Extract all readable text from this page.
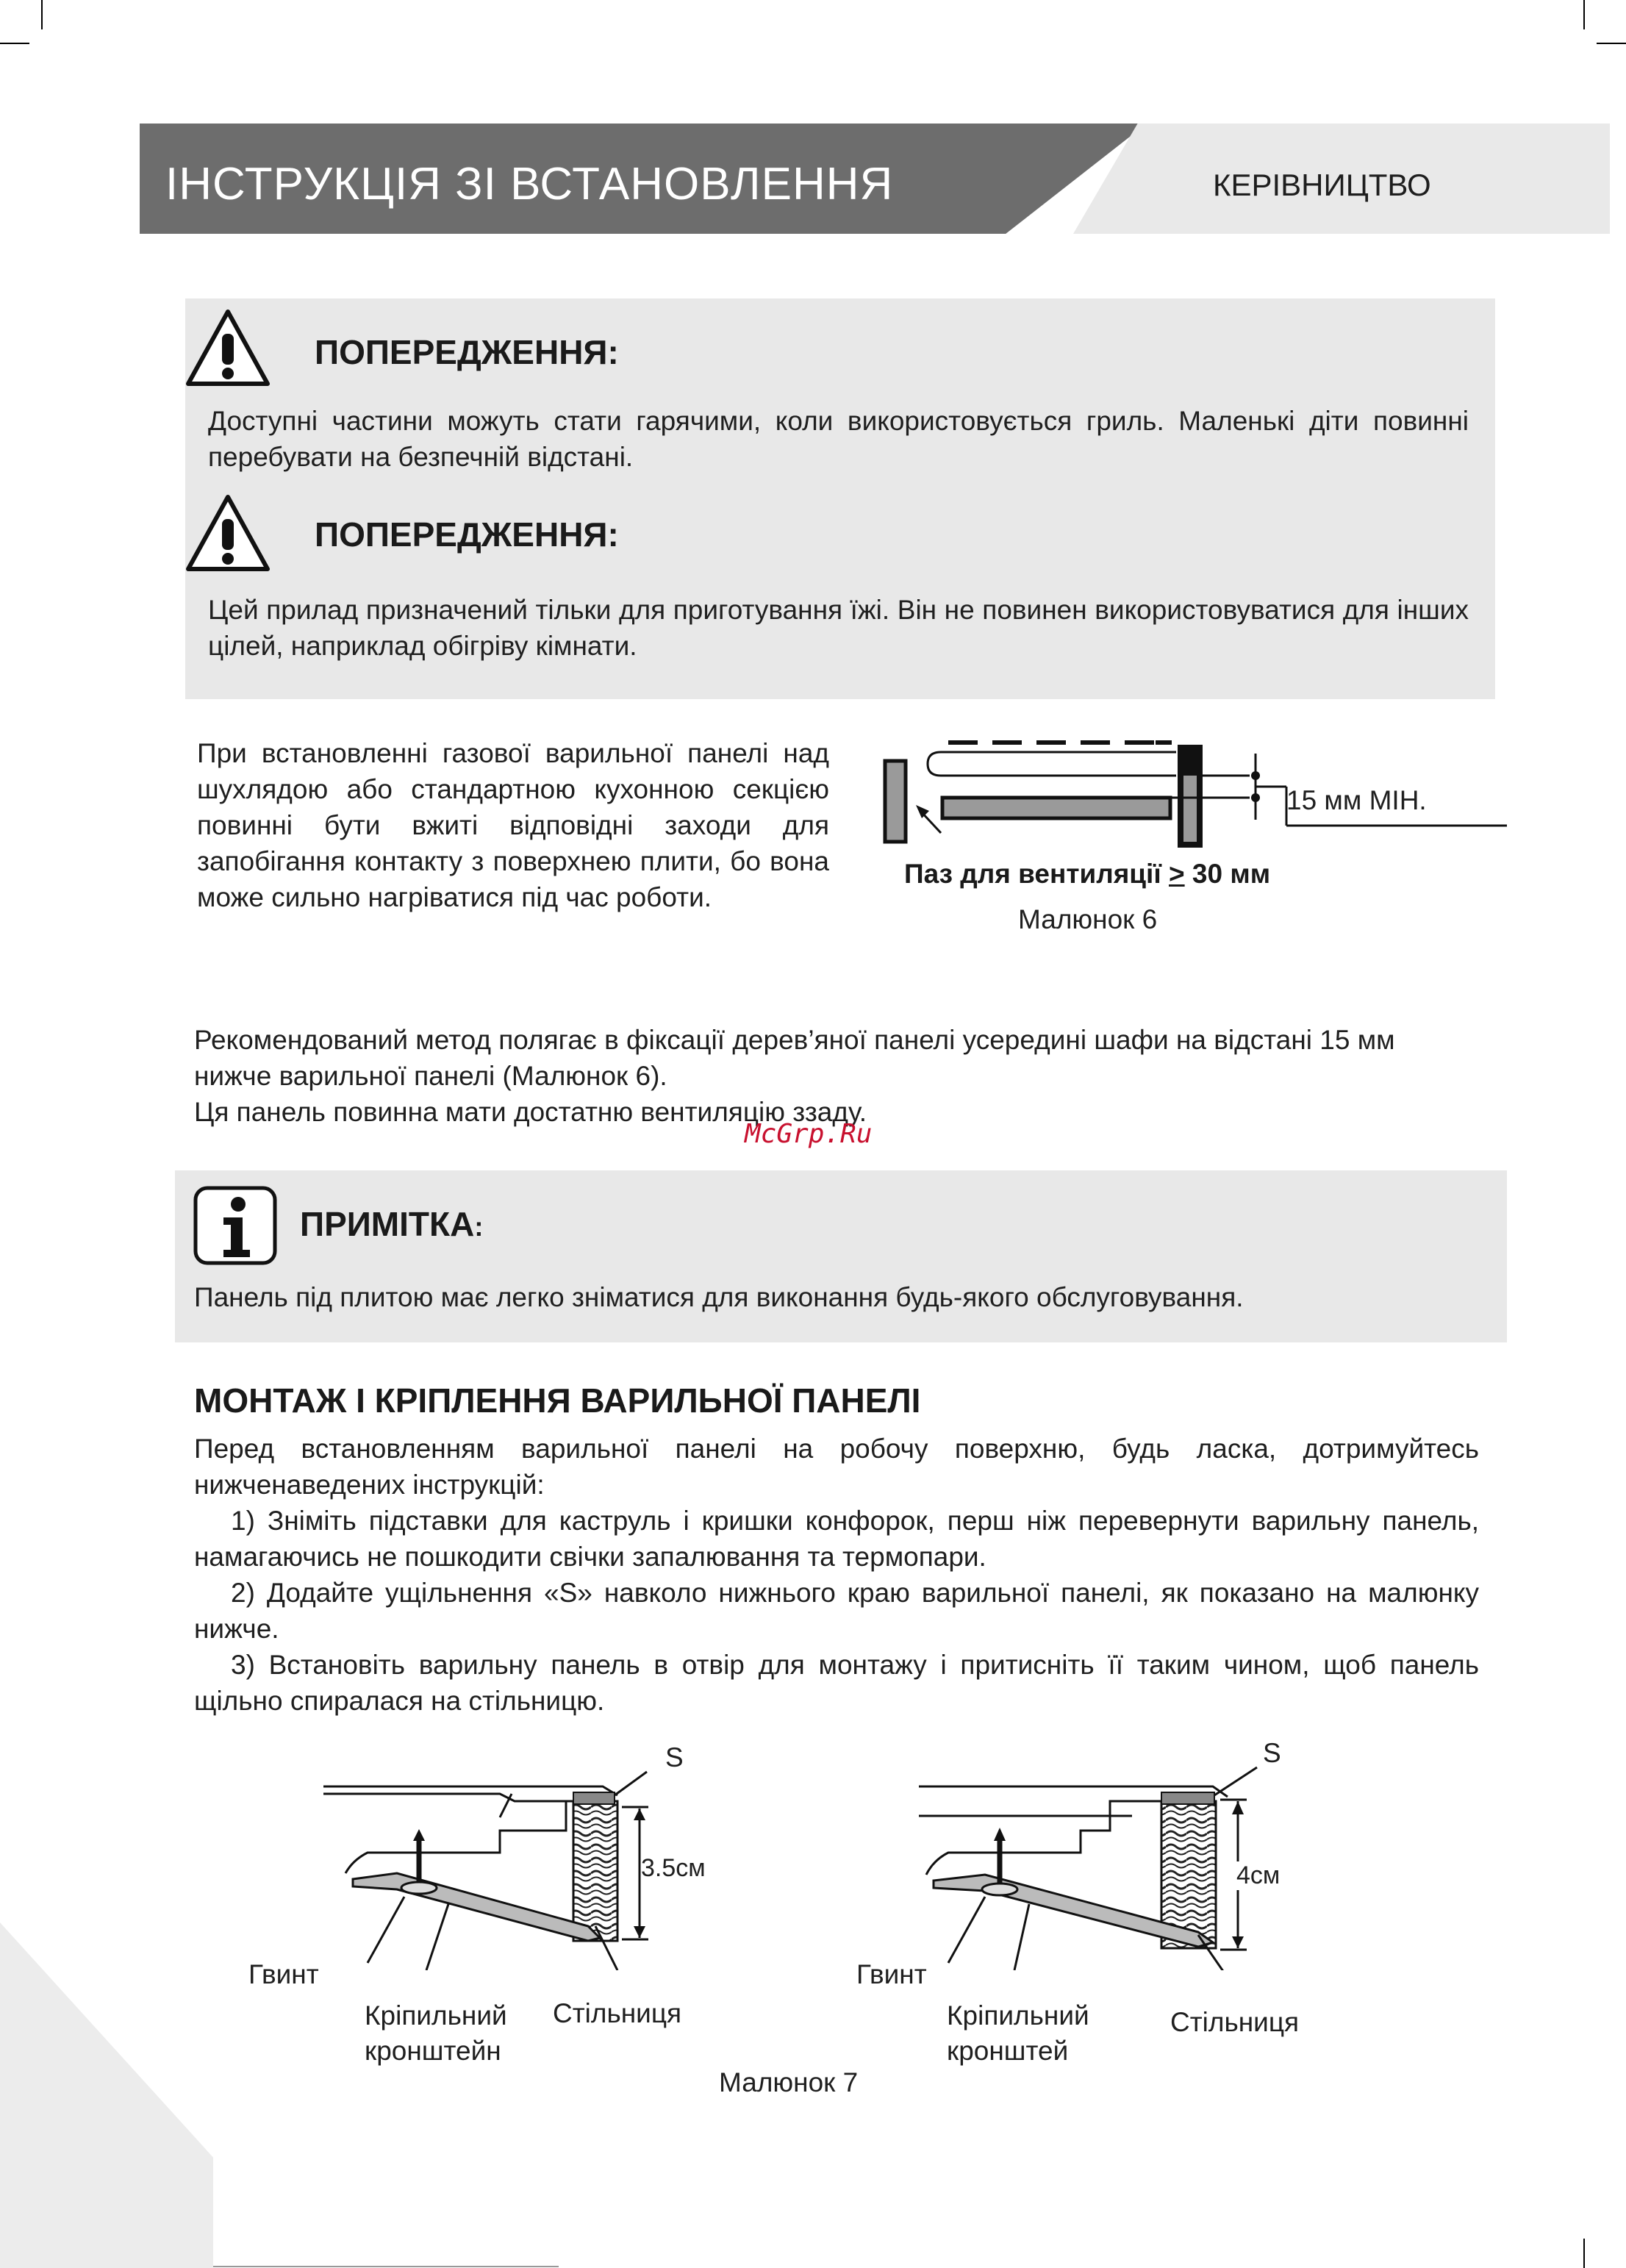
ІНСТРУКЦІЯ ЗІ ВСТАНОВЛЕННЯ	КЕРІВНИЦТВО
ПОПЕРЕДЖЕННЯ:
Доступні частини можуть стати гарячими, коли використовується гриль. Маленькі діти повинні перебувати на безпечній відстані.
ПОПЕРЕДЖЕННЯ:
Цей прилад призначений тільки для приготування їжі. Він не повинен використовуватися для інших цілей, наприклад обігріву кімнати.
При встановленні газової варильної панелі над шухлядою або стандартною кухонною секцією повинні бути вжиті відповідні заходи для запобігання контакту з поверхнею плити, бо вона може сильно нагріватися під час роботи.
15 мм МІН.
Паз для вентиляції > 30 мм
Малюнок 6
Рекомендований метод полягає в фіксації дерев’яної панелі усередині шафи на відстані 15 мм
нижче варильної панелі (Малюнок 6).
Ця панель повинна мати достатню вентиляцію ззаду.
McGrp.Ru
ПРИМІТКА:
Панель під плитою має легко зніматися для виконання будь-якого обслуговування.
МОНТАЖ І КРІПЛЕННЯ ВАРИЛЬНОЇ ПАНЕЛІ
Перед встановленням варильної панелі на робочу поверхню, будь ласка, дотримуйтесь нижченаведених інструкцій:
1) Зніміть підставки для каструль і кришки конфорок, перш ніж перевернути варильну панель, намагаючись не пошкодити свічки запалювання та термопари.
2) Додайте ущільнення «S» навколо нижнього краю варильної панелі, як показано на малюнку нижче.
3) Встановіть варильну панель в отвір для монтажу і притисніть її таким чином, щоб панель щільно спиралася на стільницю.
S
3.5см
Гвинт
Кріпильний
кронштейн
Стільниця
S
4см
Гвинт
Кріпильний
кронштей
Стільниця
Малюнок 7
